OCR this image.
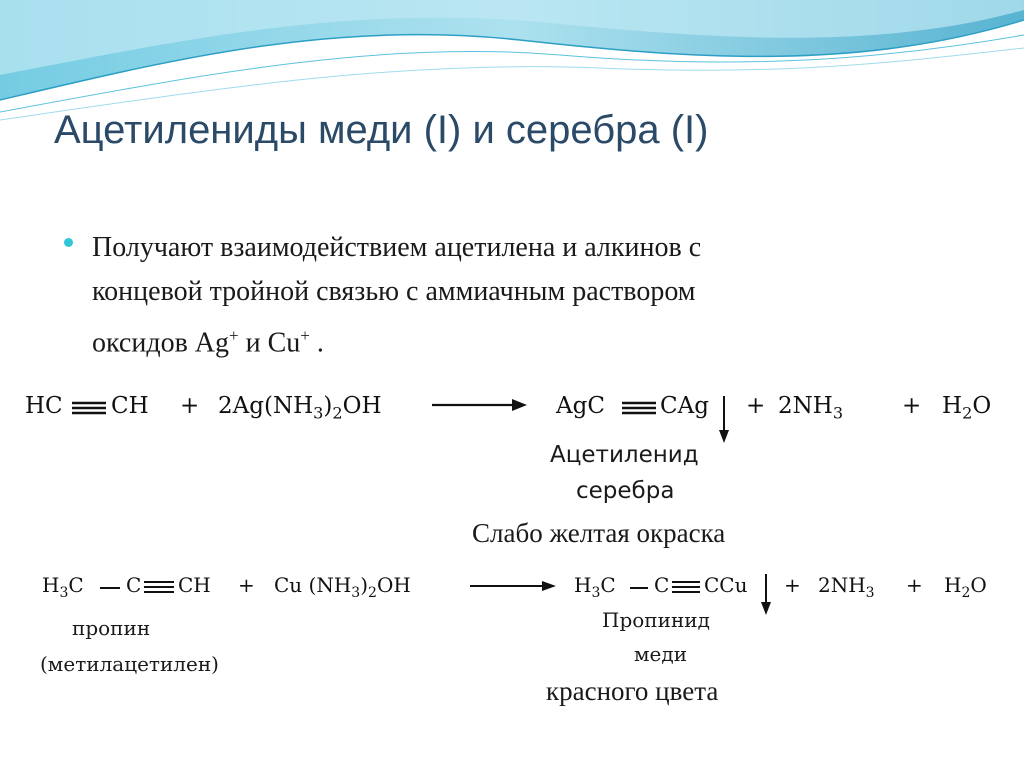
Ацетилениды меди (I) и серебра (I)
Получают взаимодействием ацетилена и алкинов с
концевой тройной связью с аммиачным раствором
оксидов Ag+ и Cu+ .
HC CH + $2Ag(NH_3)_2OH$	AgC CAg + $2NH_3$	+ $H_2O$
Ацетиленид
серебра
Слабо желтая окраска
$H_3C$ C CH + Cu $(NH_3)_2OH$	$H_3C$ C CCu + $2NH_3 + H_2O$
пропин
(метилацетилен)
Пропинид
меди
красного цвета
